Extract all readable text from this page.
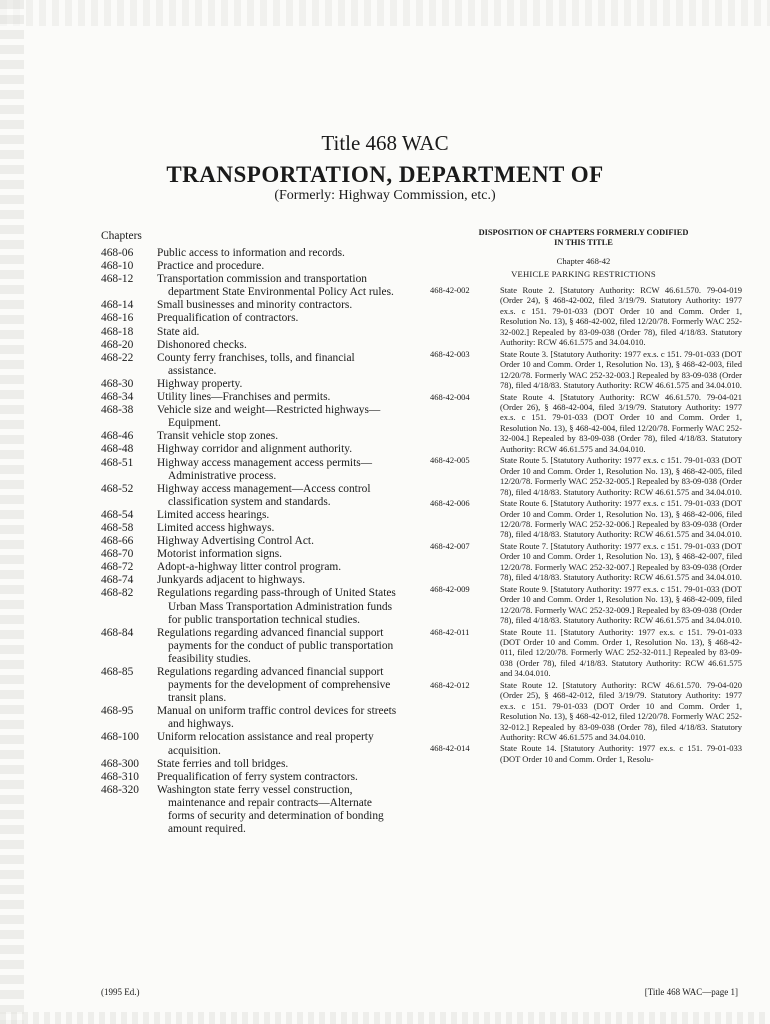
Title 468 WAC
TRANSPORTATION, DEPARTMENT OF
(Formerly: Highway Commission, etc.)
Chapters
468-06	Public access to information and records.
468-10	Practice and procedure.
468-12	Transportation commission and transportation department State Environmental Policy Act rules.
468-14	Small businesses and minority contractors.
468-16	Prequalification of contractors.
468-18	State aid.
468-20	Dishonored checks.
468-22	County ferry franchises, tolls, and financial assistance.
468-30	Highway property.
468-34	Utility lines—Franchises and permits.
468-38	Vehicle size and weight—Restricted highways—Equipment.
468-46	Transit vehicle stop zones.
468-48	Highway corridor and alignment authority.
468-51	Highway access management access permits—Administrative process.
468-52	Highway access management—Access control classification system and standards.
468-54	Limited access hearings.
468-58	Limited access highways.
468-66	Highway Advertising Control Act.
468-70	Motorist information signs.
468-72	Adopt-a-highway litter control program.
468-74	Junkyards adjacent to highways.
468-82	Regulations regarding pass-through of United States Urban Mass Transportation Administration funds for public transportation technical studies.
468-84	Regulations regarding advanced financial support payments for the conduct of public transportation feasibility studies.
468-85	Regulations regarding advanced financial support payments for the development of comprehensive transit plans.
468-95	Manual on uniform traffic control devices for streets and highways.
468-100	Uniform relocation assistance and real property acquisition.
468-300	State ferries and toll bridges.
468-310	Prequalification of ferry system contractors.
468-320	Washington state ferry vessel construction, maintenance and repair contracts—Alternate forms of security and determination of bonding amount required.
DISPOSITION OF CHAPTERS FORMERLY CODIFIED IN THIS TITLE
Chapter 468-42
VEHICLE PARKING RESTRICTIONS
468-42-002	State Route 2. [Statutory Authority: RCW 46.61.570. 79-04-019 (Order 24), § 468-42-002, filed 3/19/79. Statutory Authority: 1977 ex.s. c 151. 79-01-033 (DOT Order 10 and Comm. Order 1, Resolution No. 13), § 468-42-002, filed 12/20/78. Formerly WAC 252-32-002.] Repealed by 83-09-038 (Order 78), filed 4/18/83. Statutory Authority: RCW 46.61.575 and 34.04.010.
468-42-003	State Route 3. [Statutory Authority: 1977 ex.s. c 151. 79-01-033 (DOT Order 10 and Comm. Order 1, Resolution No. 13), § 468-42-003, filed 12/20/78. Formerly WAC 252-32-003.] Repealed by 83-09-038 (Order 78), filed 4/18/83. Statutory Authority: RCW 46.61.575 and 34.04.010.
468-42-004	State Route 4. [Statutory Authority: RCW 46.61.570. 79-04-021 (Order 26), § 468-42-004, filed 3/19/79. Statutory Authority: 1977 ex.s. c 151. 79-01-033 (DOT Order 10 and Comm. Order 1, Resolution No. 13), § 468-42-004, filed 12/20/78. Formerly WAC 252-32-004.] Repealed by 83-09-038 (Order 78), filed 4/18/83. Statutory Authority: RCW 46.61.575 and 34.04.010.
468-42-005	State Route 5. [Statutory Authority: 1977 ex.s. c 151. 79-01-033 (DOT Order 10 and Comm. Order 1, Resolution No. 13), § 468-42-005, filed 12/20/78. Formerly WAC 252-32-005.] Repealed by 83-09-038 (Order 78), filed 4/18/83. Statutory Authority: RCW 46.61.575 and 34.04.010.
468-42-006	State Route 6. [Statutory Authority: 1977 ex.s. c 151. 79-01-033 (DOT Order 10 and Comm. Order 1, Resolution No. 13), § 468-42-006, filed 12/20/78. Formerly WAC 252-32-006.] Repealed by 83-09-038 (Order 78), filed 4/18/83. Statutory Authority: RCW 46.61.575 and 34.04.010.
468-42-007	State Route 7. [Statutory Authority: 1977 ex.s. c 151. 79-01-033 (DOT Order 10 and Comm. Order 1, Resolution No. 13), § 468-42-007, filed 12/20/78. Formerly WAC 252-32-007.] Repealed by 83-09-038 (Order 78), filed 4/18/83. Statutory Authority: RCW 46.61.575 and 34.04.010.
468-42-009	State Route 9. [Statutory Authority: 1977 ex.s. c 151. 79-01-033 (DOT Order 10 and Comm. Order 1, Resolution No. 13), § 468-42-009, filed 12/20/78. Formerly WAC 252-32-009.] Repealed by 83-09-038 (Order 78), filed 4/18/83. Statutory Authority: RCW 46.61.575 and 34.04.010.
468-42-011	State Route 11. [Statutory Authority: 1977 ex.s. c 151. 79-01-033 (DOT Order 10 and Comm. Order 1, Resolution No. 13), § 468-42-011, filed 12/20/78. Formerly WAC 252-32-011.] Repealed by 83-09-038 (Order 78), filed 4/18/83. Statutory Authority: RCW 46.61.575 and 34.04.010.
468-42-012	State Route 12. [Statutory Authority: RCW 46.61.570. 79-04-020 (Order 25), § 468-42-012, filed 3/19/79. Statutory Authority: 1977 ex.s. c 151. 79-01-033 (DOT Order 10 and Comm. Order 1, Resolution No. 13), § 468-42-012, filed 12/20/78. Formerly WAC 252-32-012.] Repealed by 83-09-038 (Order 78), filed 4/18/83. Statutory Authority: RCW 46.61.575 and 34.04.010.
468-42-014	State Route 14. [Statutory Authority: 1977 ex.s. c 151. 79-01-033 (DOT Order 10 and Comm. Order 1, Resolu-
(1995 Ed.)	[Title 468 WAC—page 1]
